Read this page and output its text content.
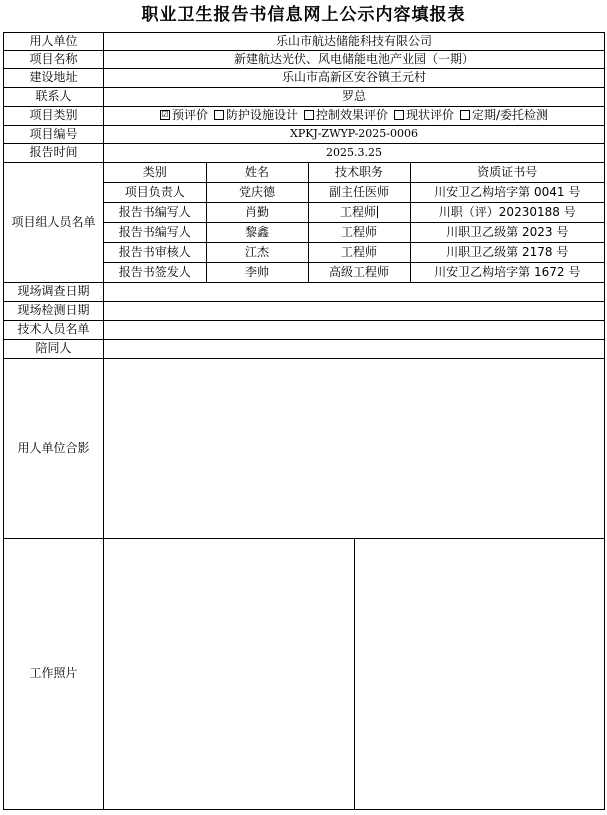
职业卫生报告书信息网上公示内容填报表
用人单位	乐山市航达储能科技有限公司
项目名称	新建航达光伏、风电储能电池产业园（一期）
建设地址	乐山市高新区安谷镇王元村
联系人	罗总
项目类别	☑ 预评价 防护设施设计 控制效果评价 现状评价 定期/委托检测
项目编号	XPKJ-ZWYP-2025-0006
报告时间	2025.3.25
项目组人员名单	
类别	姓名	技术职务	资质证书号
项目负责人	党庆德	副主任医师	川安卫乙构培字第 0041 号
报告书编写人	肖勤	工程师	川职（评）20230188 号
报告书编写人	黎鑫	工程师	川职卫乙级第 2023 号
报告书审核人	江杰	工程师	川职卫乙级第 2178 号
报告书签发人	李帅	高级工程师	川安卫乙构培字第 1672 号

现场调查日期	
现场检测日期	
技术人员名单	
陪同人	
用人单位合影	
工作照片	
